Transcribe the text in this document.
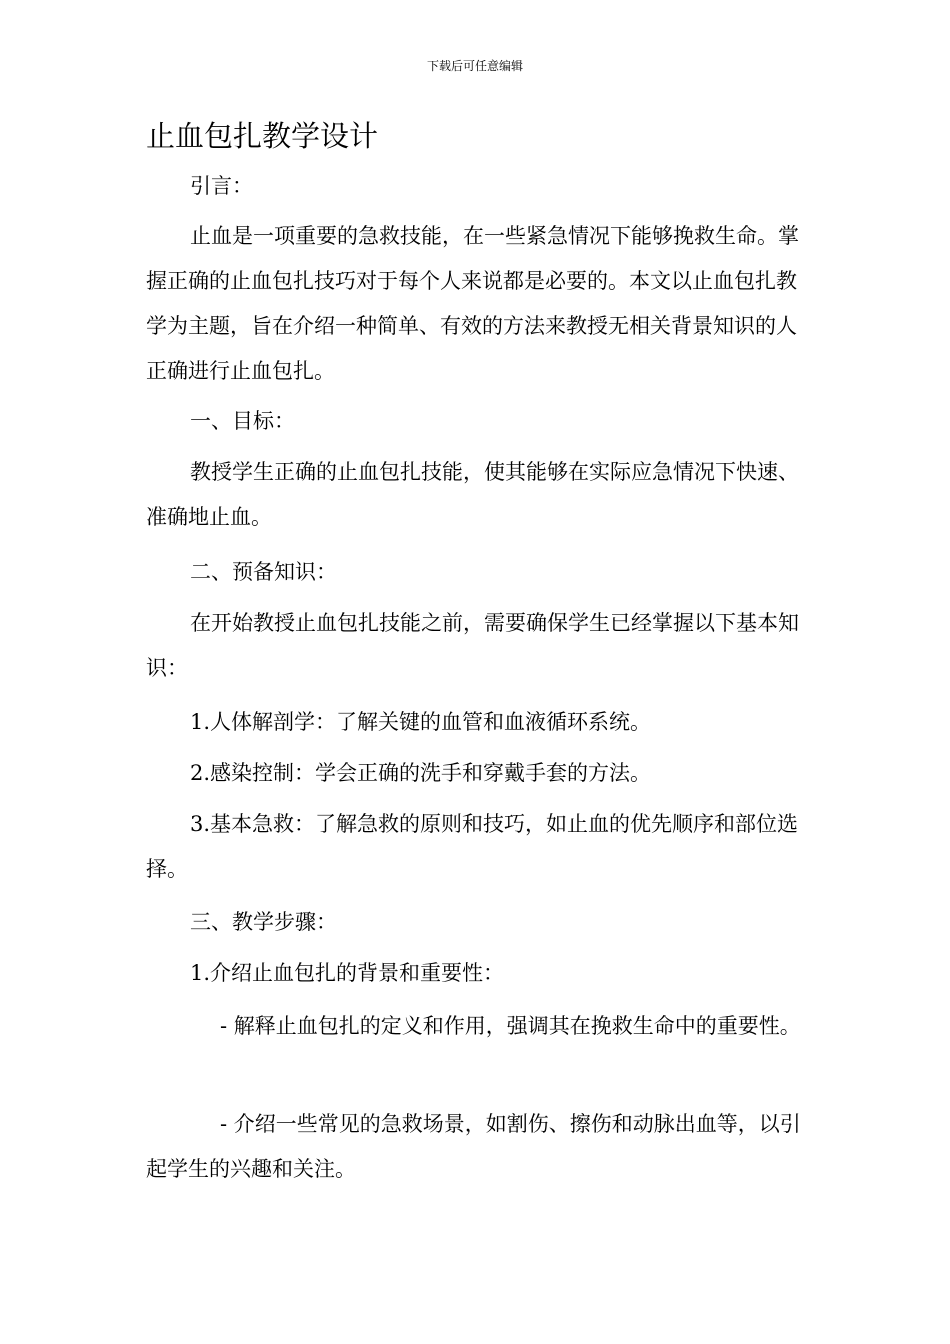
下载后可任意编辑
止血包扎教学设计

引言：

止血是一项重要的急救技能，在一些紧急情况下能够挽救生命。掌握正确的止血包扎技巧对于每个人来说都是必要的。本文以止血包扎教学为主题，旨在介绍一种简单、有效的方法来教授无相关背景知识的人正确进行止血包扎。

一、目标：

教授学生正确的止血包扎技能，使其能够在实际应急情况下快速、准确地止血。

二、预备知识：

在开始教授止血包扎技能之前，需要确保学生已经掌握以下基本知识：

1.人体解剖学：了解关键的血管和血液循环系统。

2.感染控制：学会正确的洗手和穿戴手套的方法。

3.基本急救：了解急救的原则和技巧，如止血的优先顺序和部位选择。

三、教学步骤：

1.介绍止血包扎的背景和重要性：

- 解释止血包扎的定义和作用，强调其在挽救生命中的重要性。

- 介绍一些常见的急救场景，如割伤、擦伤和动脉出血等，以引起学生的兴趣和关注。
